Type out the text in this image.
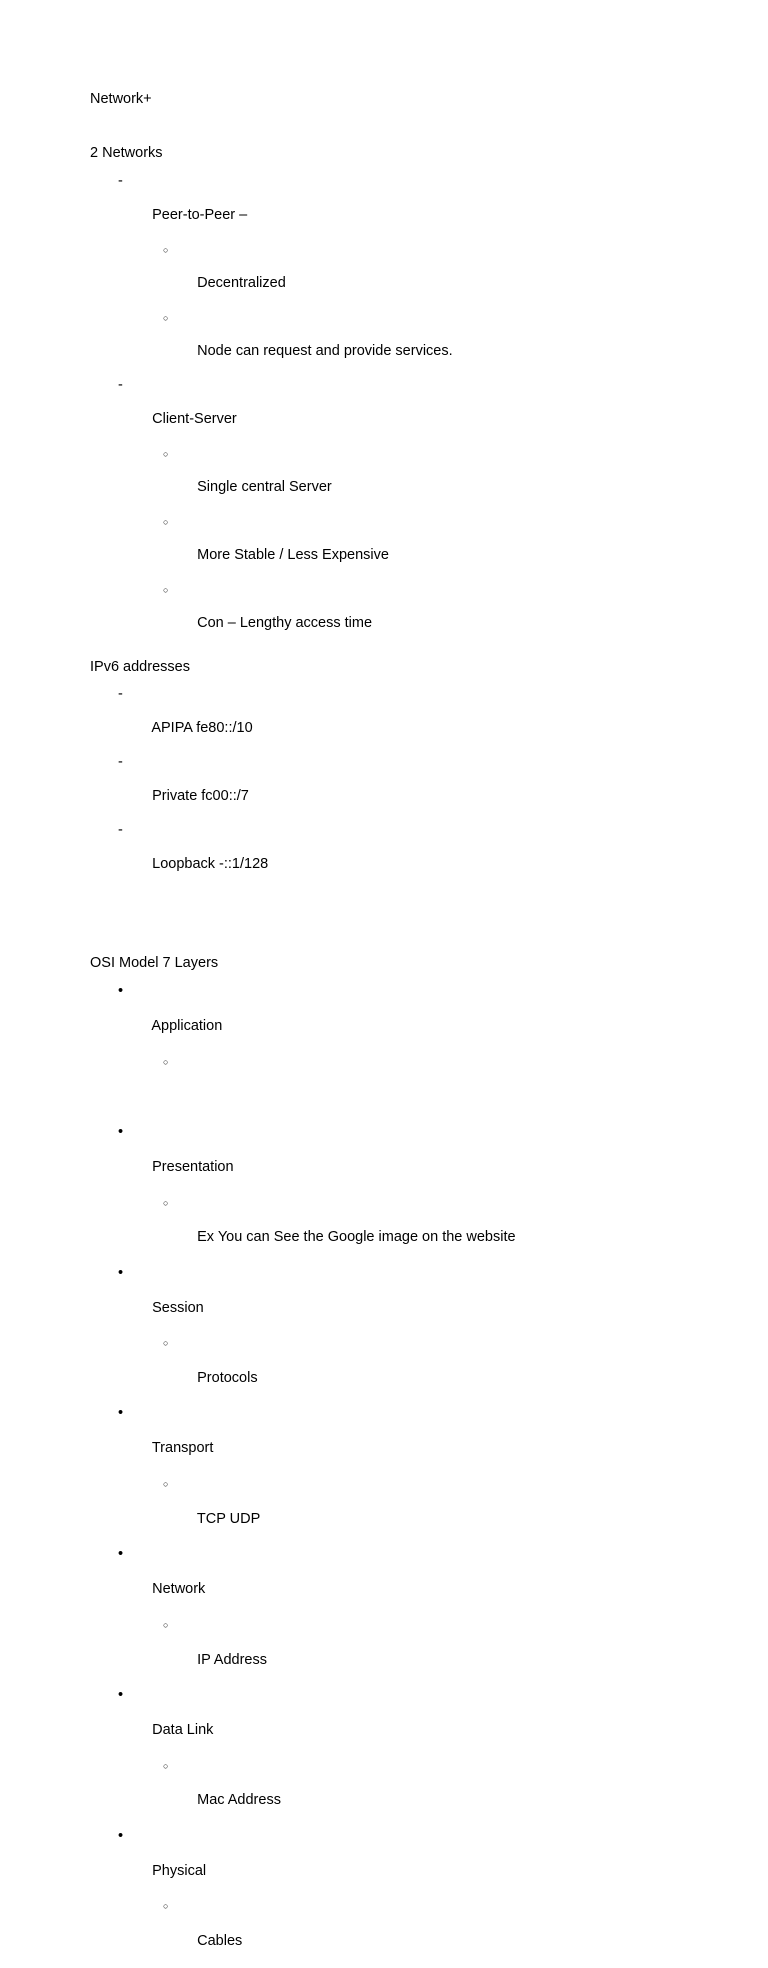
Network+
2 Networks

-

Peer-to-Peer –

○

Decentralized

○

Node can request and provide services.

-

Client-Server

○

Single central Server

○

More Stable / Less Expensive

○

Con – Lengthy access time

IPv6 addresses

-

APIPA fe80::/10

-

Private fc00::/7

-

Loopback -::1/128

OSI Model 7 Layers

•

Application

○

•

Presentation

○

Ex You can See the Google image on the website

•

Session

○

Protocols

•

Transport

○

TCP UDP

•

Network

○

IP Address

•

Data Link

○

Mac Address

•

Physical

○

Cables
